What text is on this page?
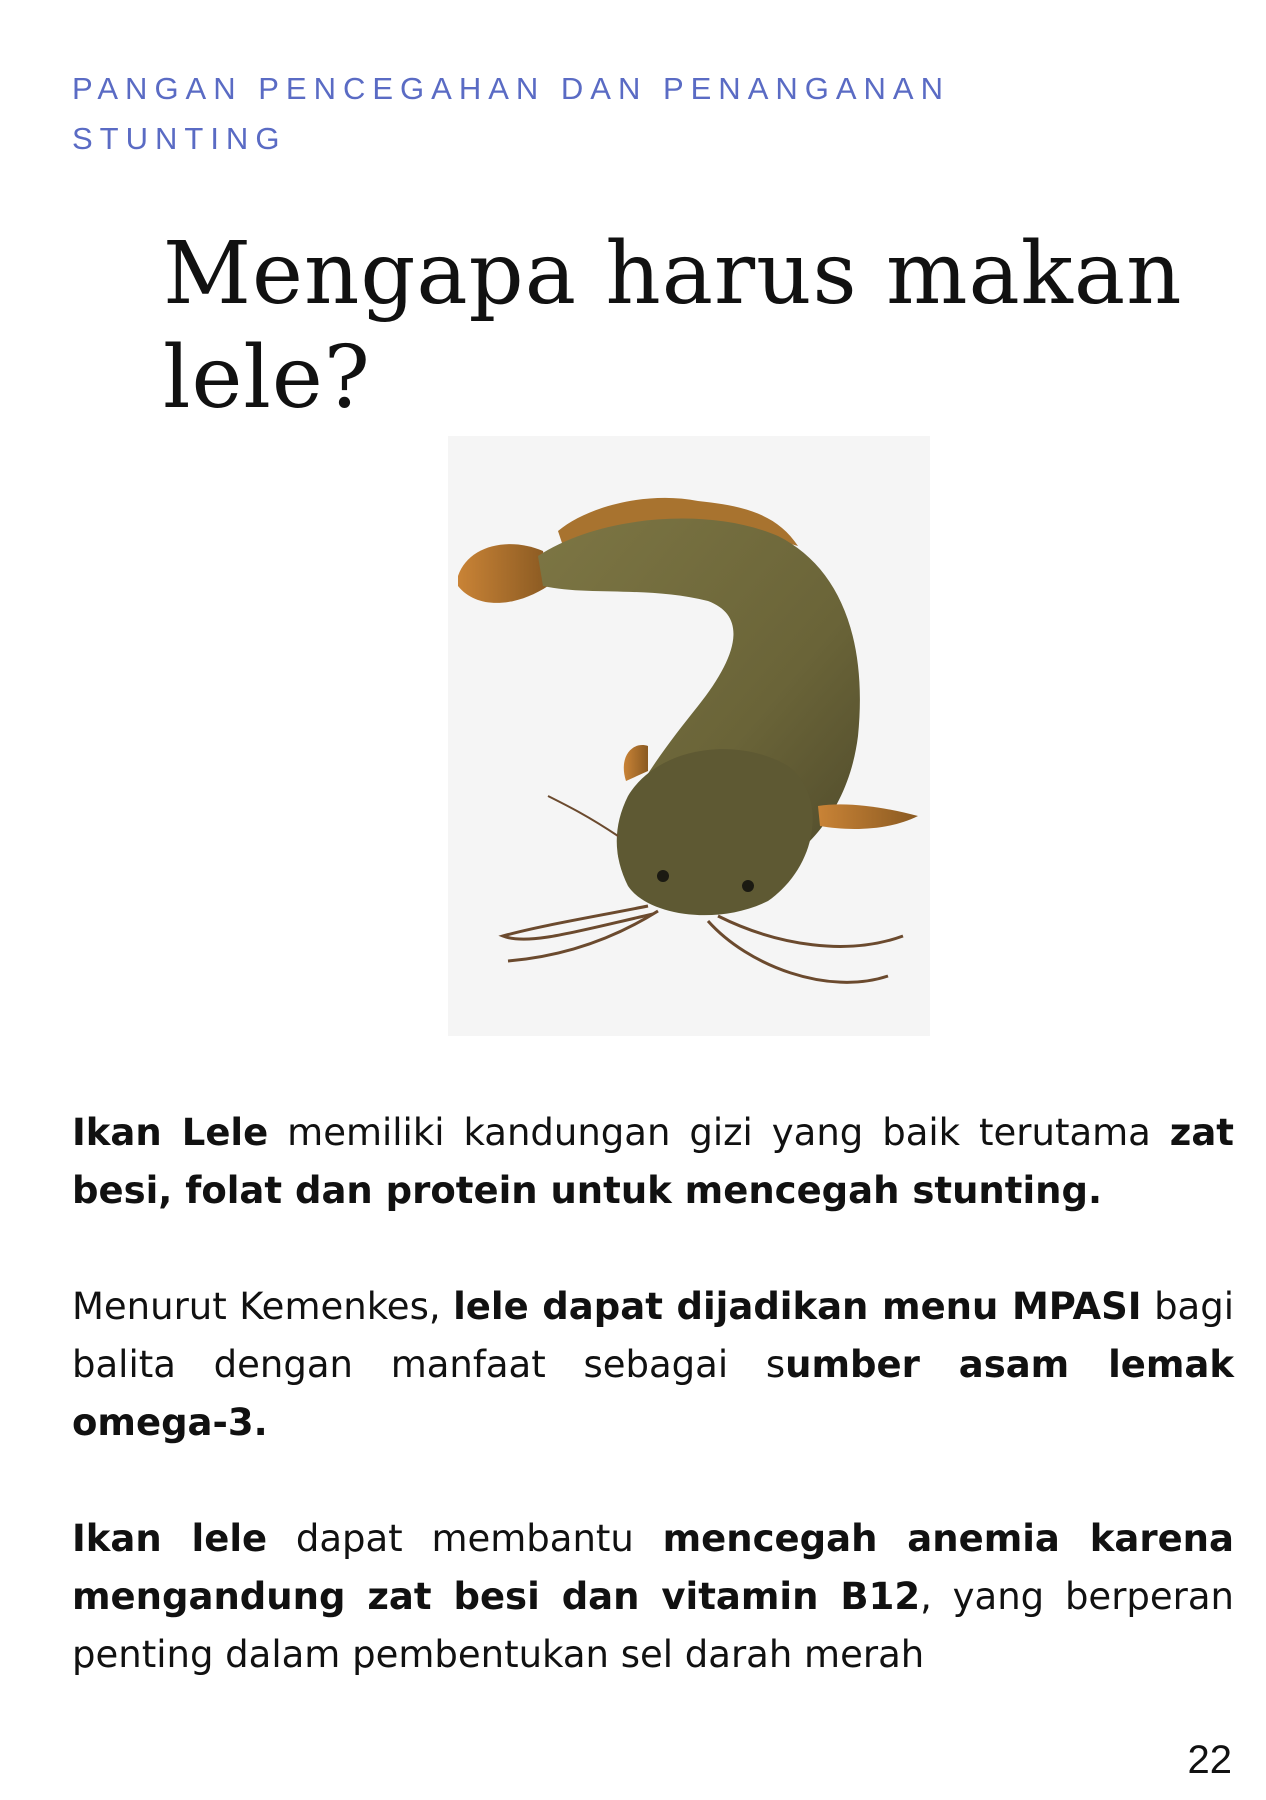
PANGAN PENCEGAHAN DAN PENANGANAN
STUNTING
Mengapa harus makan
lele?

Ikan Lele memiliki kandungan gizi yang baik terutama zat besi, folat dan protein untuk mencegah stunting.

Menurut Kemenkes, lele dapat dijadikan menu MPASI bagi balita dengan manfaat sebagai sumber asam lemak omega-3.

Ikan lele dapat membantu mencegah anemia karena mengandung zat besi dan vitamin B12, yang berperan penting dalam pembentukan sel darah merah

22
